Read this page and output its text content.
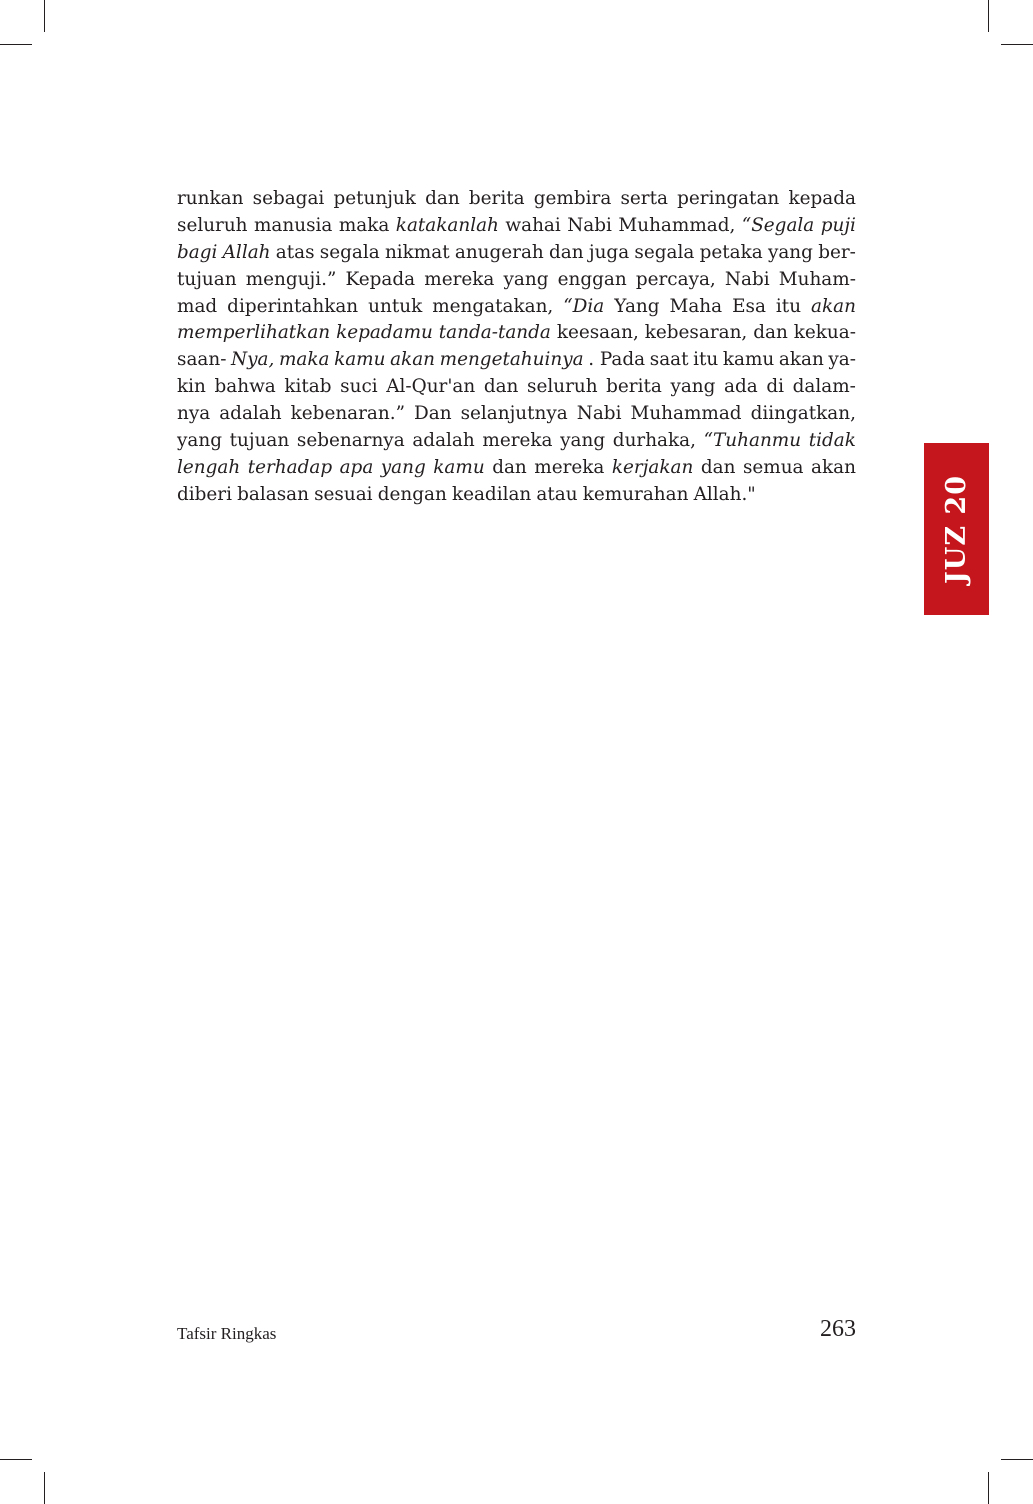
runkan sebagai petunjuk dan berita gembira serta peringatan kepada
seluruh manusia maka katakanlah wahai Nabi Muhammad, “Segala puji
bagi Allah atas segala nikmat anugerah dan juga segala petaka yang ber-
tujuan menguji.” Kepada mereka yang enggan percaya, Nabi Muham-
mad diperintahkan untuk mengatakan, “Dia Yang Maha Esa itu akan
memperlihatkan kepadamu tanda-tanda keesaan, kebesaran, dan kekua-
saan- Nya, maka kamu akan mengetahuinya . Pada saat itu kamu akan ya-
kin bahwa kitab suci Al-Qur'an dan seluruh berita yang ada di dalam-
nya adalah kebenaran.” Dan selanjutnya Nabi Muhammad diingatkan,
yang tujuan sebenarnya adalah mereka yang durhaka, “Tuhanmu tidak
lengah terhadap apa yang kamu dan mereka kerjakan dan semua akan
diberi balasan sesuai dengan keadilan atau kemurahan Allah."	JUZ 20
Tafsir Ringkas	263
